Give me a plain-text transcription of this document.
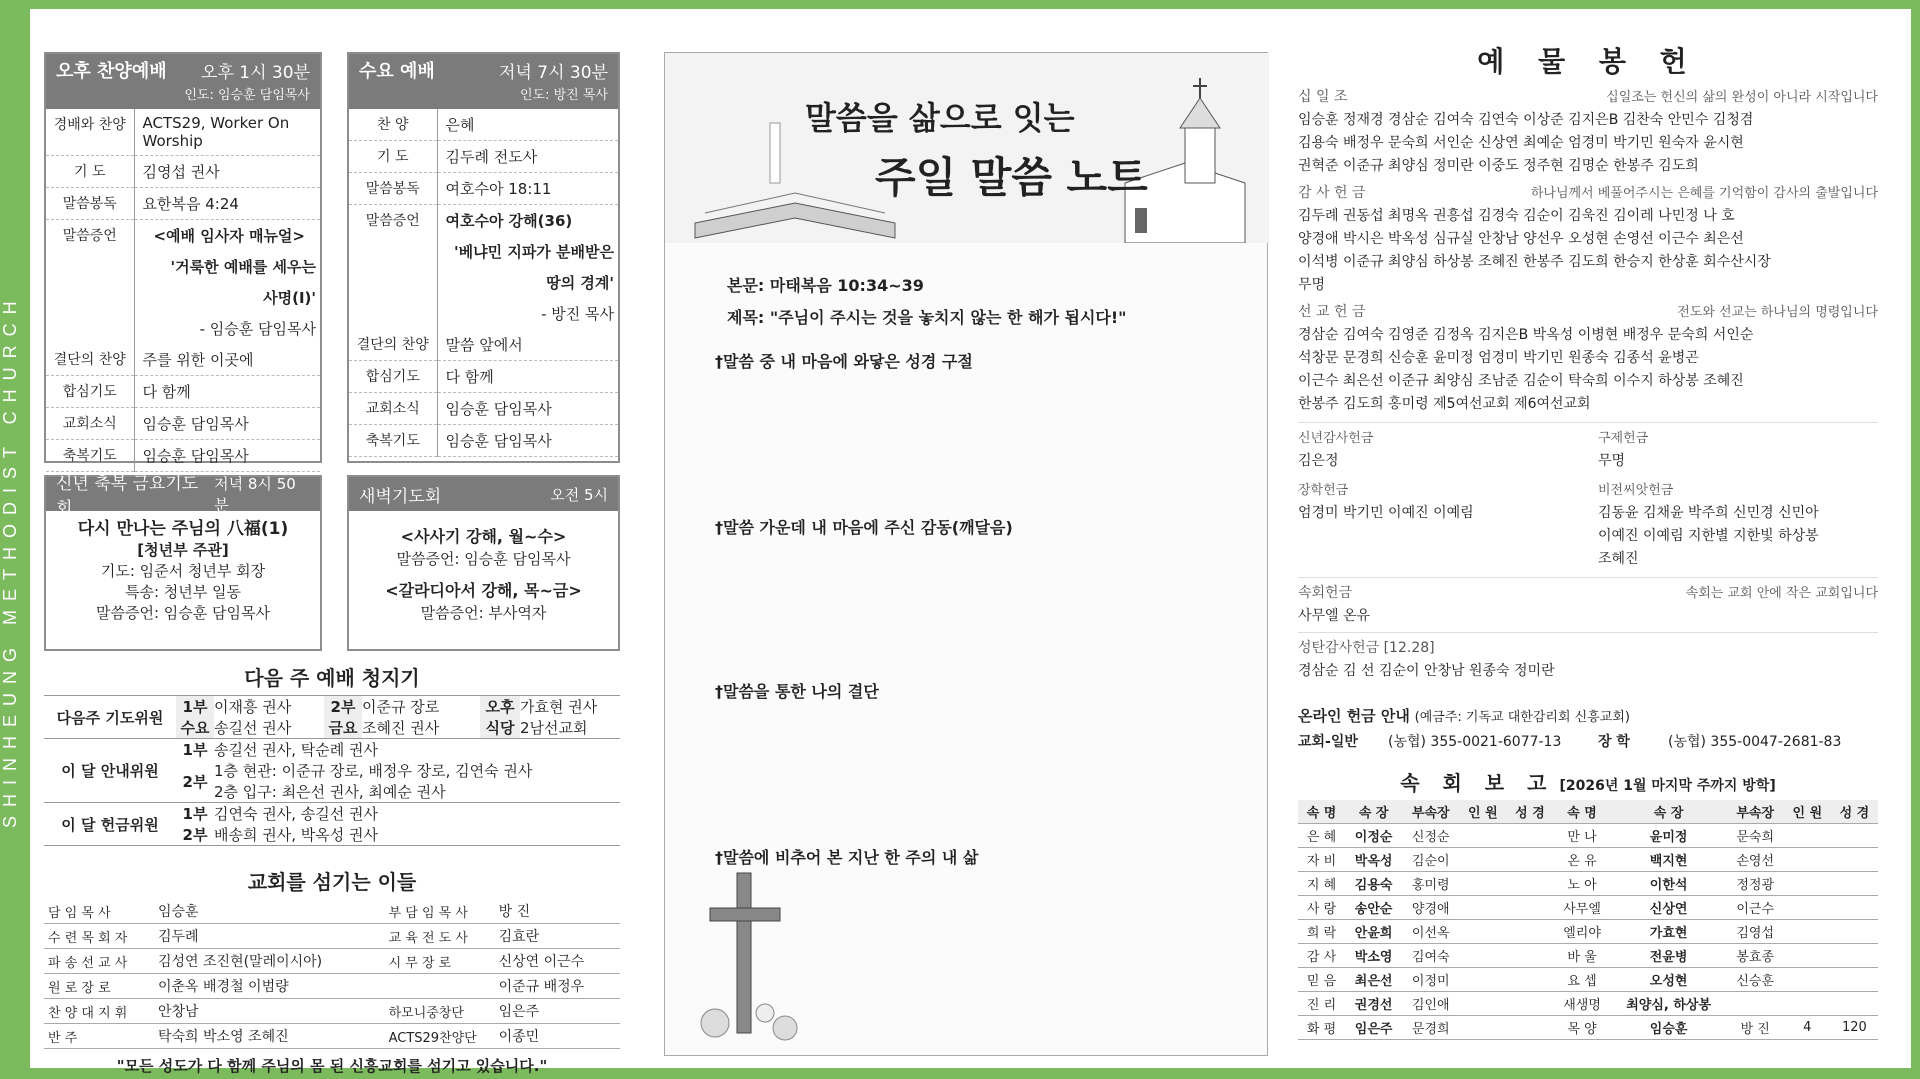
SHINHEUNG METHODIST CHURCH
오후 찬양예배 오후 1시 30분
인도: 임승훈 담임목사
경배와 찬양	ACTS29, Worker On Worship
기 도	김영섭 권사
말씀봉독	요한복음 4:24
말씀증언	<예배 임사자 매뉴얼>
	'거룩한 예배를 세우는
	사명(Ⅰ)'
	- 임승훈 담임목사
결단의 찬양	주를 위한 이곳에
합심기도	다 함께
교회소식	임승훈 담임목사
축복기도	임승훈 담임목사
수요 예배	저녁 7시 30분
인도: 방진 목사
찬 양	은혜
기 도	김두례 전도사
말씀봉독	여호수아 18:11
말씀증언	여호수아 강해(36)
	'베냐민 지파가 분배받은
	땅의 경계'
	- 방진 목사
결단의 찬양	말씀 앞에서
합심기도	다 함께
교회소식	임승훈 담임목사
축복기도	임승훈 담임목사
신년 축복 금요기도회
저녁 8시 50분
다시 만나는 주님의 八福(1)
[청년부 주관]
기도: 임준서 청년부 회장
특송: 청년부 일동
말씀증언: 임승훈 담임목사
새벽기도회	오전 5시
<사사기 강해, 월~수>
말씀증언: 임승훈 담임목사
<갈라디아서 강해, 목~금>
말씀증언: 부사역자
다음 주 예배 청지기
다음주 기도위원	1부	이재흥 권사	2부	이준규 장로	오후	가효현 권사
	수요	송길선 권사	금요	조혜진 권사	식당	2남선교회
이 달 안내위원	1부	송길선 권사, 탁순례 권사				
	2부	1층 현관: 이준규 장로, 배정우 장로, 김연숙 권사				
		2층 입구: 최은선 권사, 최예순 권사				
이 달 헌금위원	1부	김연숙 권사, 송길선 권사				
	2부	배송희 권사, 박옥성 권사				
교회를 섬기는 이들
담 임 목 사	임승훈	부 담 임 목 사	방 진
수 련 목 회 자	김두례	교 육 전 도 사	김효란
파 송 선 교 사	김성연 조진현(말레이시아)	시 무 장 로	신상연 이근수
원 로 장 로	이춘옥 배경철 이범량		이준규 배정우
찬 양 대 지 휘	안창남	하모니중창단	임은주
반 주	탁숙희 박소영 조혜진	ACTS29찬양단	이종민
"모든 성도가 다 함께 주님의 몸 된 신흥교회를 섬기고 있습니다."
말씀을 삶으로 잇는
주일 말씀 노트
본문: 마태복음 10:34~39
제목: "주님이 주시는 것을 놓치지 않는 한 해가 됩시다!"
†말씀 중 내 마음에 와닿은 성경 구절
†말씀 가운데 내 마음에 주신 감동(깨달음)
†말씀을 통한 나의 결단
†말씀에 비추어 본 지난 한 주의 내 삶
예 물 봉 헌
십 일 조	십일조는 헌신의 삶의 완성이 아니라 시작입니다
임승훈 정재경 경삼순 김여숙 김연숙 이상준 김지은B 김찬숙 안민수 김청겸
김용숙 배정우 문숙희 서인순 신상연 최예순 엄경미 박기민 원숙자 윤시현
권혁준 이준규 최양심 정미란 이중도 정주현 김명순 한봉주 김도희
감 사 헌 금	하나님께서 베풀어주시는 은혜를 기억함이 감사의 출발입니다
김두례 권동섭 최명옥 권흥섭 김경숙 김순이 김욱진 김이레 나민정 나 호
양경애 박시은 박옥성 심규실 안창남 양선우 오성현 손영선 이근수 최은선
이석병 이준규 최양심 하상봉 조혜진 한봉주 김도희 한승지 한상훈 회수산시장
무명
선 교 헌 금	전도와 선교는 하나님의 명령입니다
경삼순 김여숙 김영준 김정옥 김지은B 박옥성 이병현 배정우 문숙희 서인순
석창문 문경희 신승훈 윤미정 엄경미 박기민 원종숙 김종석 윤병곤
이근수 최은선 이준규 최양심 조남준 김순이 탁숙희 이수지 하상봉 조혜진
한봉주 김도희 홍미령 제5여선교회 제6여선교회
신년감사헌금
김은정
장학헌금
엄경미 박기민 이예진 이예림
구제헌금
무명
비전씨앗헌금
김동윤 김채윤 박주희 신민경 신민아
이예진 이예림 지한별 지한빛 하상봉
조혜진
속회헌금	속회는 교회 안에 작은 교회입니다
사무엘 온유
성탄감사헌금 [12.28]
경삼순 김 선 김순이 안창남 원종숙 정미란
온라인 헌금 안내 (예금주: 기독교 대한감리회 신흥교회)
교회-일반	(농협) 355-0021-6077-13	장 학	(농협) 355-0047-2681-83
속 회 보 고 [2026년 1월 마지막 주까지 방학]
속 명	속 장	부속장	인 원	성 경	속 명	속 장	부속장	인 원	성 경
은 혜	이정순	신정순			만 나	윤미정	문숙희		
자 비	박옥성	김순이			온 유	백지현	손영선		
지 혜	김용숙	홍미령			노 아	이한석	정정광		
사 랑	송안순	양경애			사무엘	신상연	이근수		
희 락	안윤희	이선옥			엘리야	가효현	김영섭		
감 사	박소영	김여숙			바 울	전윤병	봉효종		
믿 음	최은선	이정미			요 셉	오성현	신승훈		
진 리	권경선	김인애			새생명	최양심, 하상봉			
화 평	임은주	문경희			목 양	임승훈	방 진	4	120
